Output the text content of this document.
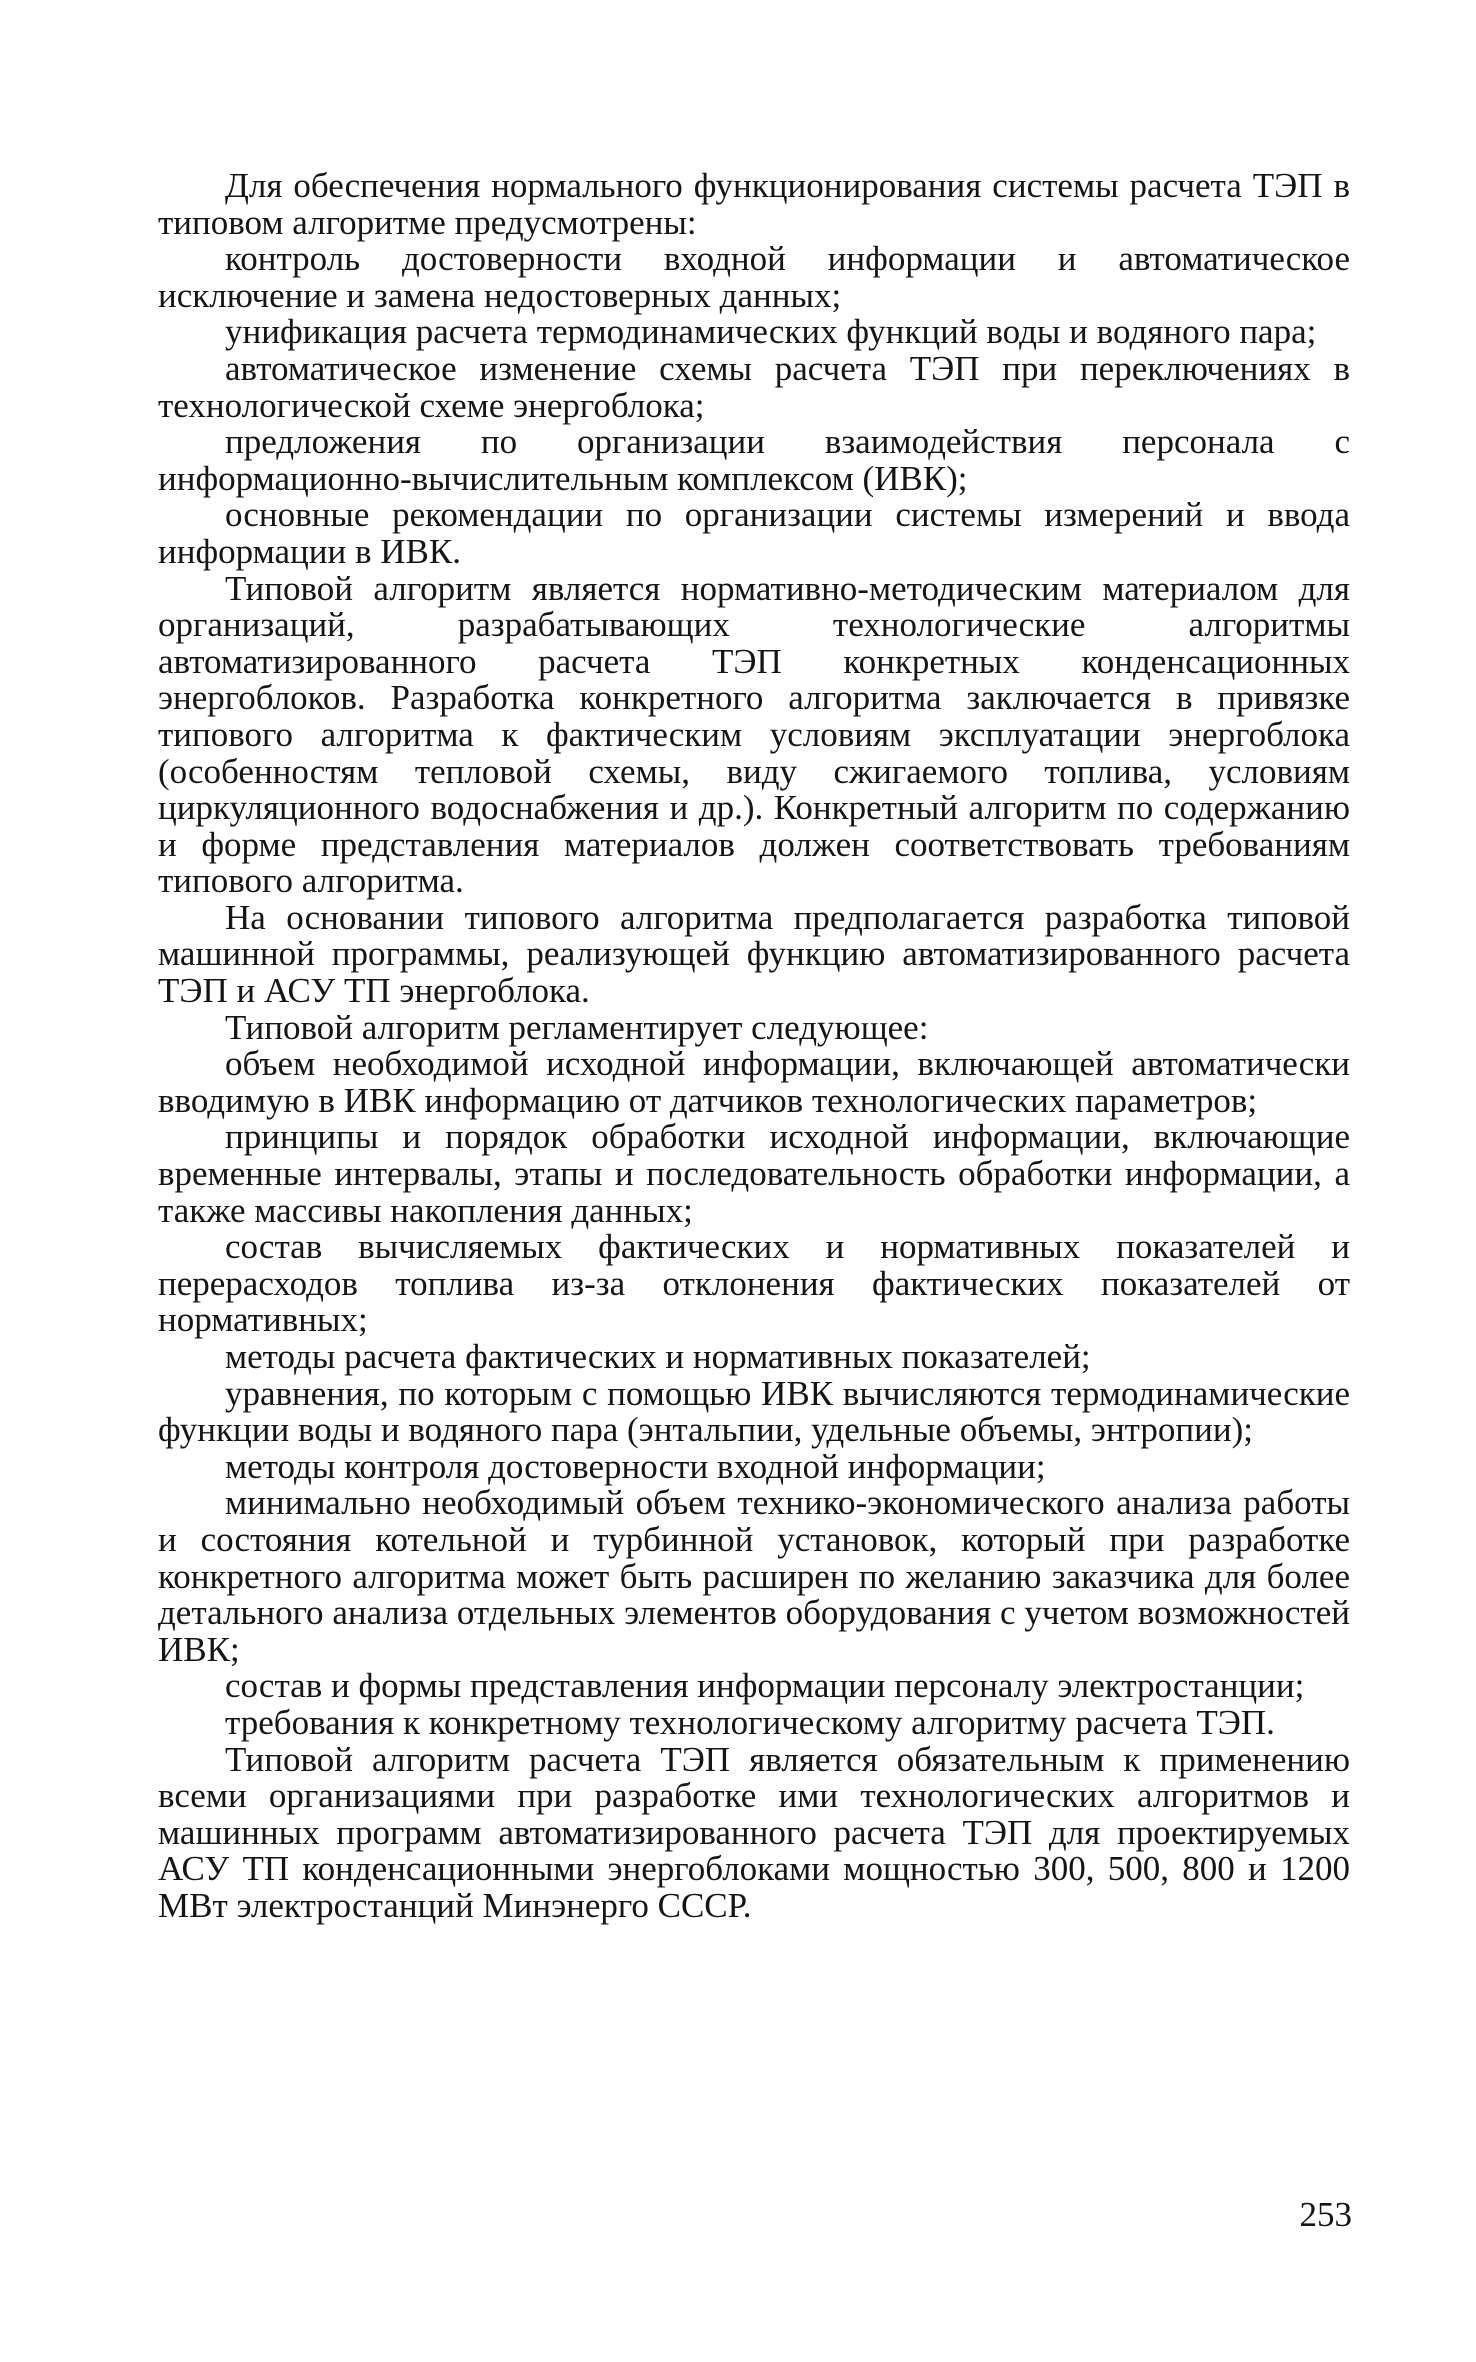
Для обеспечения нормального функционирования системы расчета ТЭП в типовом алгоритме предусмотрены:

контроль достоверности входной информации и автоматическое исключение и замена недостоверных данных;

унификация расчета термодинамических функций воды и водяного пара;

автоматическое изменение схемы расчета ТЭП при переключениях в технологической схеме энергоблока;

предложения по организации взаимодействия персонала с информационно-вычислительным комплексом (ИВК);

основные рекомендации по организации системы измерений и ввода информации в ИВК.

Типовой алгоритм является нормативно-методическим материалом для организаций, разрабатывающих технологические алгоритмы автоматизированного расчета ТЭП конкретных конденсационных энергоблоков. Разработка конкретного алгоритма заключается в привязке типового алгоритма к фактическим условиям эксплуатации энергоблока (особенностям тепловой схемы, виду сжигаемого топлива, условиям циркуляционного водоснабжения и др.). Конкретный алгоритм по содержанию и форме представления материалов должен соответствовать требованиям типового алгоритма.

На основании типового алгоритма предполагается разработка типовой машинной программы, реализующей функцию автоматизированного расчета ТЭП и АСУ ТП энергоблока.

Типовой алгоритм регламентирует следующее:

объем необходимой исходной информации, включающей автоматически вводимую в ИВК информацию от датчиков технологических параметров;

принципы и порядок обработки исходной информации, включающие временные интервалы, этапы и последовательность обработки информации, а также массивы накопления данных;

состав вычисляемых фактических и нормативных показателей и перерасходов топлива из-за отклонения фактических показателей от нормативных;

методы расчета фактических и нормативных показателей;

уравнения, по которым с помощью ИВК вычисляются термодинамические функции воды и водяного пара (энтальпии, удельные объемы, энтропии);

методы контроля достоверности входной информации;

минимально необходимый объем технико-экономического анализа работы и состояния котельной и турбинной установок, который при разработке конкретного алгоритма может быть расширен по желанию заказчика для более детального анализа отдельных элементов оборудования с учетом возможностей ИВК;

состав и формы представления информации персоналу электростанции;

требования к конкретному технологическому алгоритму расчета ТЭП.

Типовой алгоритм расчета ТЭП является обязательным к применению всеми организациями при разработке ими технологических алгоритмов и машинных программ автоматизированного расчета ТЭП для проектируемых АСУ ТП конденсационными энергоблоками мощностью 300, 500, 800 и 1200 МВт электростанций Минэнерго СССР.

253
